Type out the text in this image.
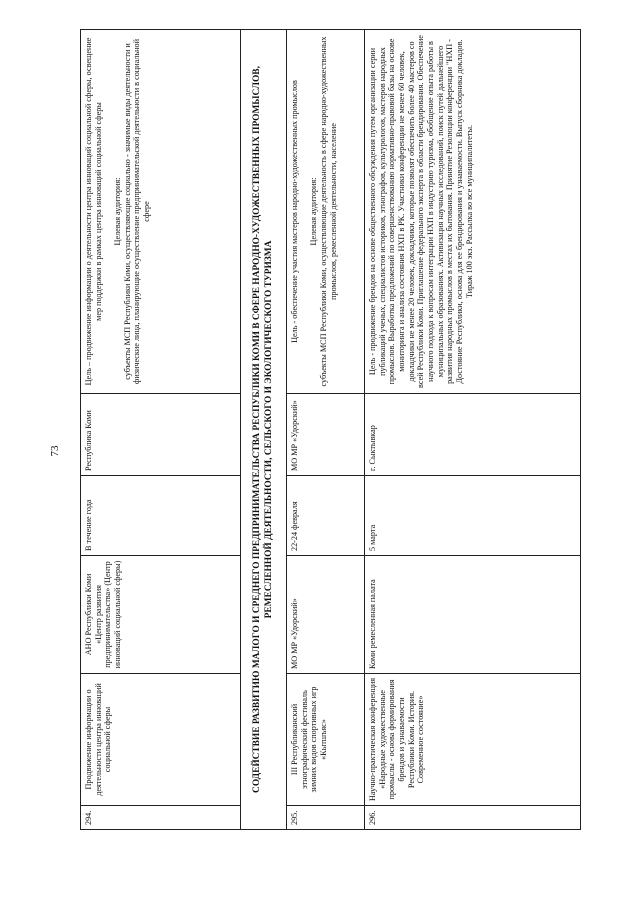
73
294.	Продвижение информации о деятельности центра инноваций социальной сферы	АНО Республики Коми «Центр развития предпринимательства» (Центр инноваций социальной сферы)	В течение года	Республика Коми	Цель – продвижение информации о деятельности центра инноваций социальной сферы, освещение мер поддержки в рамках центра инноваций социальной сферы

Целевая аудитория:
субъекты МСП Республики Коми, осуществляющие социально - значимые виды деятельности и физические лица, планирующие осуществление предпринимательской деятельности в социальной сфере
СОДЕЙСТВИЕ РАЗВИТИЮ МАЛОГО И СРЕДНЕГО ПРЕДПРИНИМАТЕЛЬСТВА РЕСПУБЛИКИ КОМИ В СФЕРЕ НАРОДНО-ХУДОЖЕСТВЕННЫХ ПРОМЫСЛОВ, РЕМЕСЛЕННОЙ ДЕЯТЕЛЬНОСТИ, СЕЛЬСКОГО И ЭКОЛОГИЧЕСКОГО ТУРИЗМА					
295.	III Республиканский этнографический фестиваль зимних видов спортивных игр «Кытшъяс»	МО МР «Удорский»	22-24 февраля	МО МР «Удорский»	Цель - обеспечение участия мастеров народно-художественных промыслов

Целевая аудитория:
субъекты МСП Республики Коми, осуществляющие деятельность в сфере народно-художественных промыслов, ремесленной деятельности, население
296.	Научно-практическая конференция «Народные художественные промыслы - основа формирования брендов и узнаваемости Республики Коми. История. Современное состояние»	Коми ремесленная палата	5 марта	г. Сыктывкар	Цель - продвижение брендов на основе общественного обсуждения путем организации серии публикаций ученых, специалистов историков, этнографов, культурологов, мастеров народных промыслов. Выработка предложений по совершенствованию нормативно-правовой базы на основе мониторинга и анализа состояния НХП в РК. Участники конференции не менее 60 человек, докладчики не менее 20 человек, докладчики, которые позволят обеспечить более 40 мастеров со всей Республики Коми. Приглашение федерального эксперта в области брендирования. Обеспечение научного подхода к вопросам интеграции НХП в индустрию туризма, обобщение опыта работы в муниципальных образованиях. Активизация научных исследований, поиск путей дальнейшего развития народных промыслов в местах их бытования. Принятие Резолюции конференции "НХП - Достояние Республики, основа для ее брендирования и узнаваемости. Выпуск сборника докладов. Тираж 100 экз. Рассылка во все муниципалитеты.
